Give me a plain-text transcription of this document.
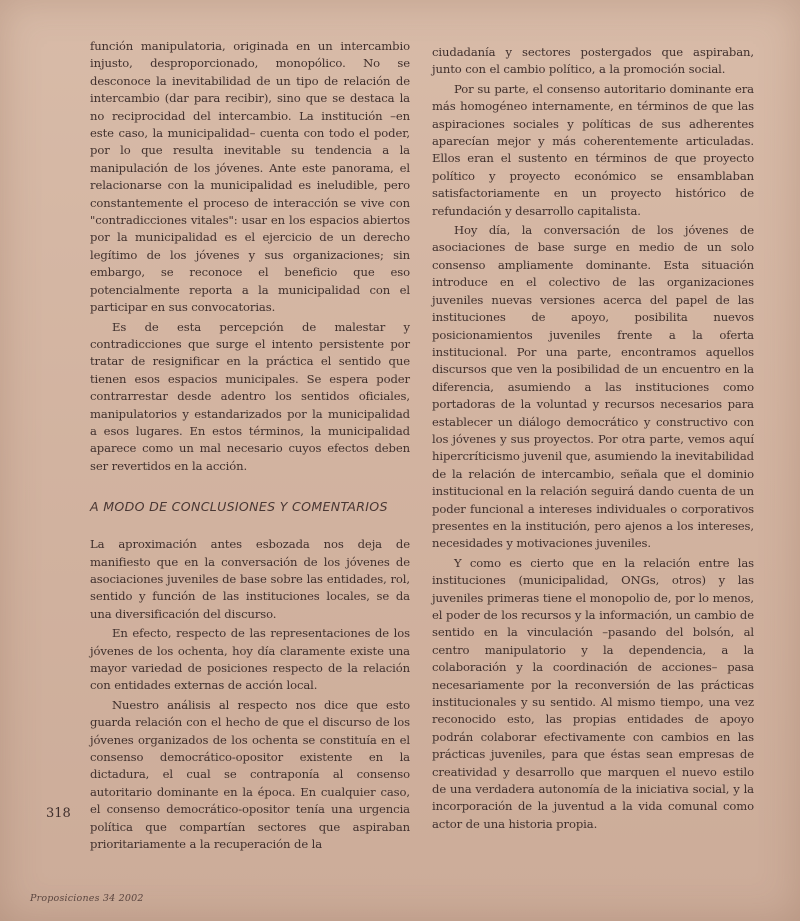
función manipulatoria, originada en un intercambio injusto, desproporcionado, monopólico. No se desconoce la inevitabilidad de un tipo de relación de intercambio (dar para recibir), sino que se destaca la no reciprocidad del intercambio. La institución –en este caso, la municipalidad– cuenta con todo el poder, por lo que resulta inevitable su tendencia a la manipulación de los jóvenes. Ante este panorama, el relacionarse con la municipalidad es ineludible, pero constantemente el proceso de interacción se vive con "contradicciones vitales": usar en los espacios abiertos por la municipalidad es el ejercicio de un derecho legítimo de los jóvenes y sus organizaciones; sin embargo, se reconoce el beneficio que eso potencialmente reporta a la municipalidad con el participar en sus convocatorias.

Es de esta percepción de malestar y contradicciones que surge el intento persistente por tratar de resignificar en la práctica el sentido que tienen esos espacios municipales. Se espera poder contrarrestar desde adentro los sentidos oficiales, manipulatorios y estandarizados por la municipalidad a esos lugares. En estos términos, la municipalidad aparece como un mal necesario cuyos efectos deben ser revertidos en la acción.

A MODO DE CONCLUSIONES Y COMENTARIOS

La aproximación antes esbozada nos deja de manifiesto que en la conversación de los jóvenes de asociaciones juveniles de base sobre las entidades, rol, sentido y función de las instituciones locales, se da una diversificación del discurso.

En efecto, respecto de las representaciones de los jóvenes de los ochenta, hoy día claramente existe una mayor variedad de posiciones respecto de la relación con entidades externas de acción local.

Nuestro análisis al respecto nos dice que esto guarda relación con el hecho de que el discurso de los jóvenes organizados de los ochenta se constituía en el consenso democrático-opositor existente en la dictadura, el cual se contraponía al consenso autoritario dominante en la época. En cualquier caso, el consenso democrático-opositor tenía una urgencia política que compartían sectores que aspiraban prioritariamente a la recuperación de la

ciudadanía y sectores postergados que aspiraban, junto con el cambio político, a la promoción social.

Por su parte, el consenso autoritario dominante era más homogéneo internamente, en términos de que las aspiraciones sociales y políticas de sus adherentes aparecían mejor y más coherentemente articuladas. Ellos eran el sustento en términos de que proyecto político y proyecto económico se ensamblaban satisfactoriamente en un proyecto histórico de refundación y desarrollo capitalista.

Hoy día, la conversación de los jóvenes de asociaciones de base surge en medio de un solo consenso ampliamente dominante. Esta situación introduce en el colectivo de las organizaciones juveniles nuevas versiones acerca del papel de las instituciones de apoyo, posibilita nuevos posicionamientos juveniles frente a la oferta institucional. Por una parte, encontramos aquellos discursos que ven la posibilidad de un encuentro en la diferencia, asumiendo a las instituciones como portadoras de la voluntad y recursos necesarios para establecer un diálogo democrático y constructivo con los jóvenes y sus proyectos. Por otra parte, vemos aquí hipercríticismo juvenil que, asumiendo la inevitabilidad de la relación de intercambio, señala que el dominio institucional en la relación seguirá dando cuenta de un poder funcional a intereses individuales o corporativos presentes en la institución, pero ajenos a los intereses, necesidades y motivaciones juveniles.

Y como es cierto que en la relación entre las instituciones (municipalidad, ONGs, otros) y las juveniles primeras tiene el monopolio de, por lo menos, el poder de los recursos y la información, un cambio de sentido en la vinculación –pasando del bolsón, al centro manipulatorio y la dependencia, a la colaboración y la coordinación de acciones– pasa necesariamente por la reconversión de las prácticas institucionales y su sentido. Al mismo tiempo, una vez reconocido esto, las propias entidades de apoyo podrán colaborar efectivamente con cambios en las prácticas juveniles, para que éstas sean empresas de creatividad y desarrollo que marquen el nuevo estilo de una verdadera autonomía de la iniciativa social, y la incorporación de la juventud a la vida comunal como actor de una historia propia.

318
Proposiciones 34 2002
